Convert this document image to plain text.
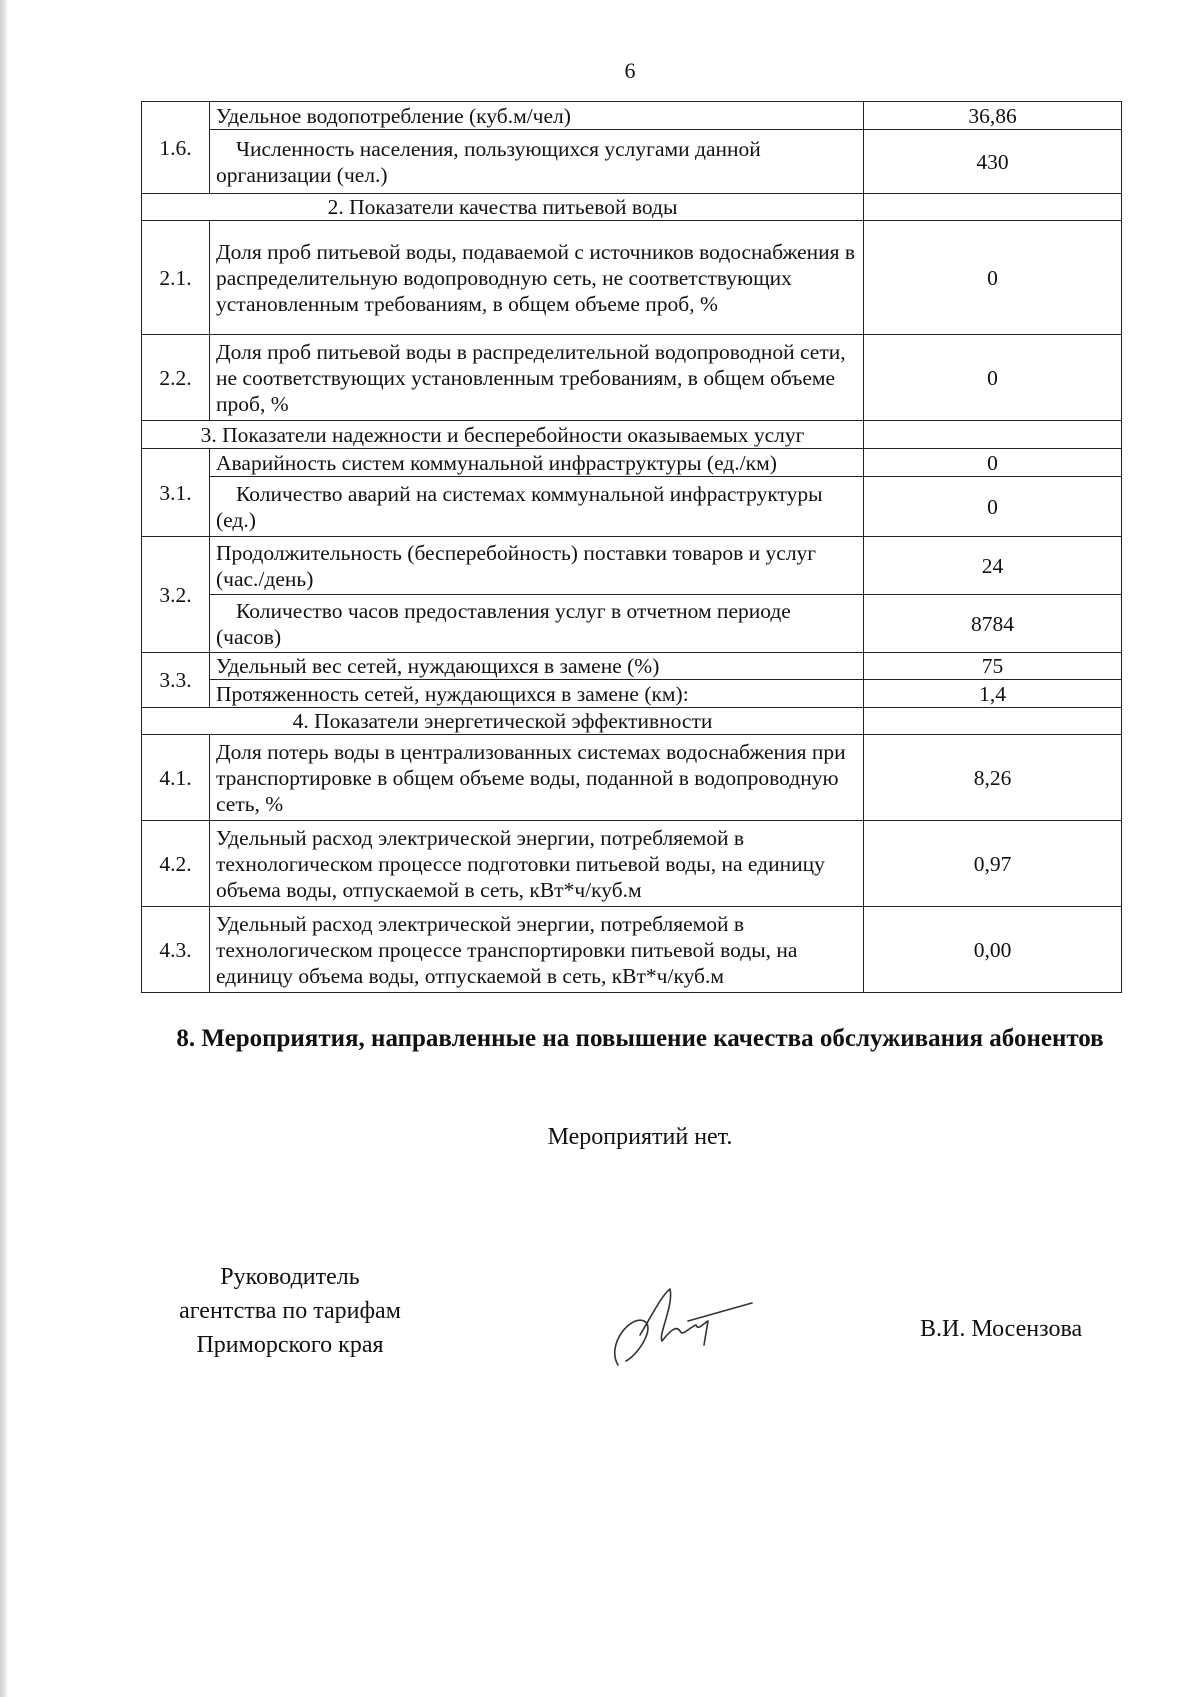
6
1.6.	Удельное водопотребление (куб.м/чел)	36,86
	Численность населения, пользующихся услугами данной организации (чел.)	430
2. Показатели качества питьевой воды		
2.1.	Доля проб питьевой воды, подаваемой с источников водоснабжения в распределительную водопроводную сеть, не соответствующих установленным требованиям, в общем объеме проб, %	0
2.2.	Доля проб питьевой воды в распределительной водопроводной сети, не соответствующих установленным требованиям, в общем объеме проб, %	0
3. Показатели надежности и бесперебойности оказываемых услуг		
3.1.	Аварийность систем коммунальной инфраструктуры (ед./км)	0
	Количество аварий на системах коммунальной инфраструктуры (ед.)	0
3.2.	Продолжительность (бесперебойность) поставки товаров и услуг (час./день)	24
	Количество часов предоставления услуг в отчетном периоде (часов)	8784
3.3.	Удельный вес сетей, нуждающихся в замене (%)	75
	Протяженность сетей, нуждающихся в замене (км):	1,4
4. Показатели энергетической эффективности		
4.1.	Доля потерь воды в централизованных системах водоснабжения при транспортировке в общем объеме воды, поданной в водопроводную сеть, %	8,26
4.2.	Удельный расход электрической энергии, потребляемой в технологическом процессе подготовки питьевой воды, на единицу объема воды, отпускаемой в сеть, кВт*ч/куб.м	0,97
4.3.	Удельный расход электрической энергии, потребляемой в технологическом процессе транспортировки питьевой воды, на единицу объема воды, отпускаемой в сеть, кВт*ч/куб.м	0,00
8. Мероприятия, направленные на повышение качества обслуживания абонентов
Мероприятий нет.
Руководитель
агентства по тарифам
Приморского края
В.И. Мосензова
